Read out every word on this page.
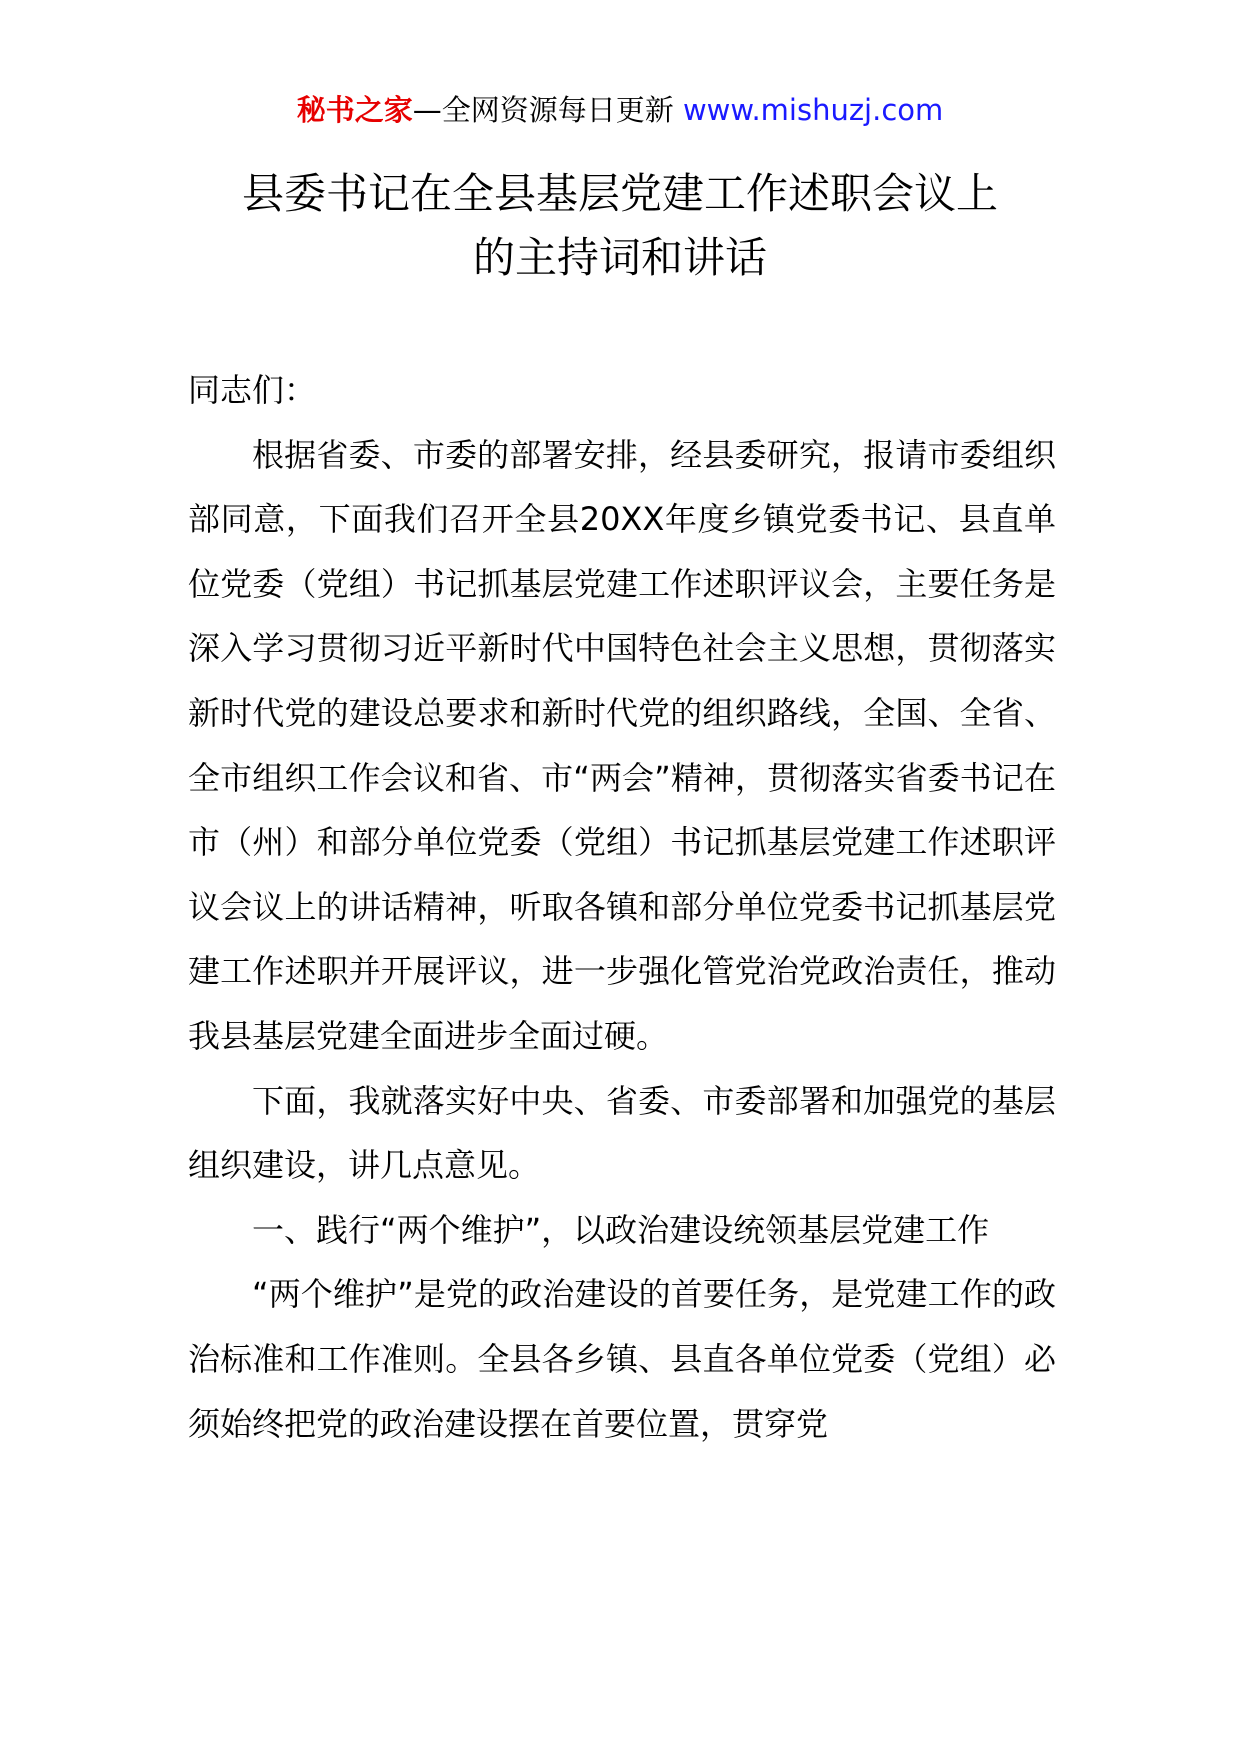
秘书之家—全网资源每日更新 www.mishuzj.com
县委书记在全县基层党建工作述职会议上
的主持词和讲话

同志们：

根据省委、市委的部署安排，经县委研究，报请市委组织部同意，下面我们召开全县20XX年度乡镇党委书记、县直单位党委（党组）书记抓基层党建工作述职评议会，主要任务是深入学习贯彻习近平新时代中国特色社会主义思想，贯彻落实新时代党的建设总要求和新时代党的组织路线，全国、全省、全市组织工作会议和省、市“两会”精神，贯彻落实省委书记在市（州）和部分单位党委（党组）书记抓基层党建工作述职评议会议上的讲话精神，听取各镇和部分单位党委书记抓基层党建工作述职并开展评议，进一步强化管党治党政治责任，推动我县基层党建全面进步全面过硬。

下面，我就落实好中央、省委、市委部署和加强党的基层组织建设，讲几点意见。

一、践行“两个维护”，以政治建设统领基层党建工作

“两个维护”是党的政治建设的首要任务，是党建工作的政治标准和工作准则。全县各乡镇、县直各单位党委（党组）必须始终把党的政治建设摆在首要位置，贯穿党
